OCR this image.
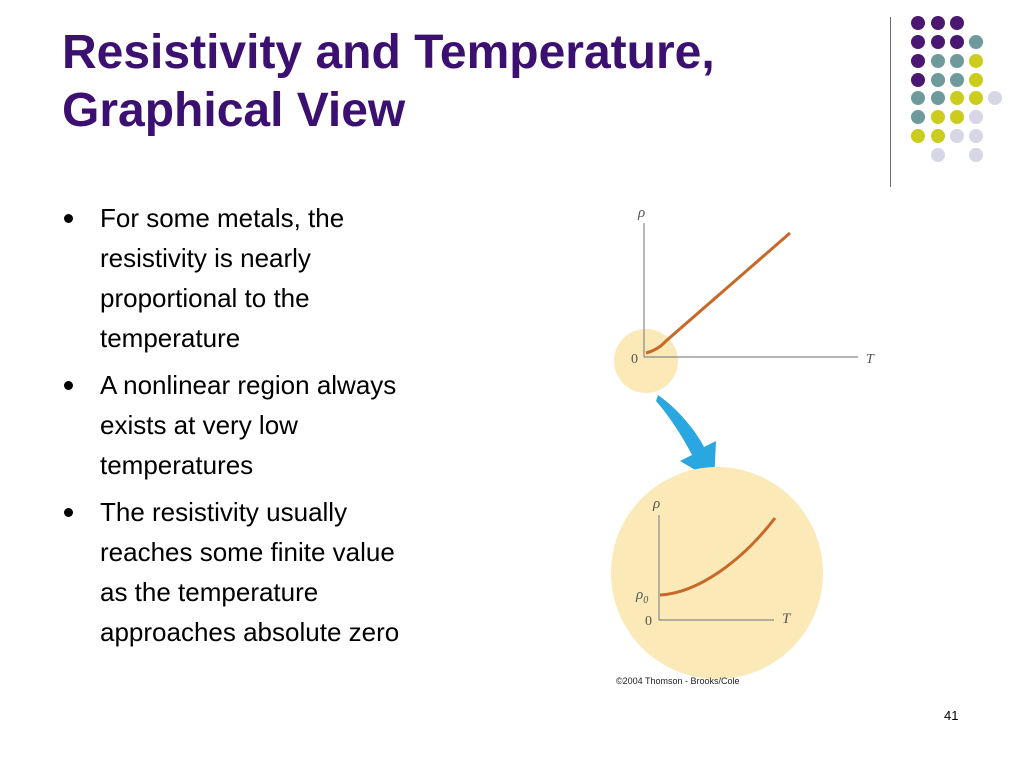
Resistivity and Temperature,
Graphical View
For some metals, the
resistivity is nearly
proportional to the
temperature
A nonlinear region always
exists at very low
temperatures
The resistivity usually
reaches some finite value
as the temperature
approaches absolute zero
ρ
T
0
ρ
T
0
$\rho_0$
©2004 Thomson - Brooks/Cole
41
